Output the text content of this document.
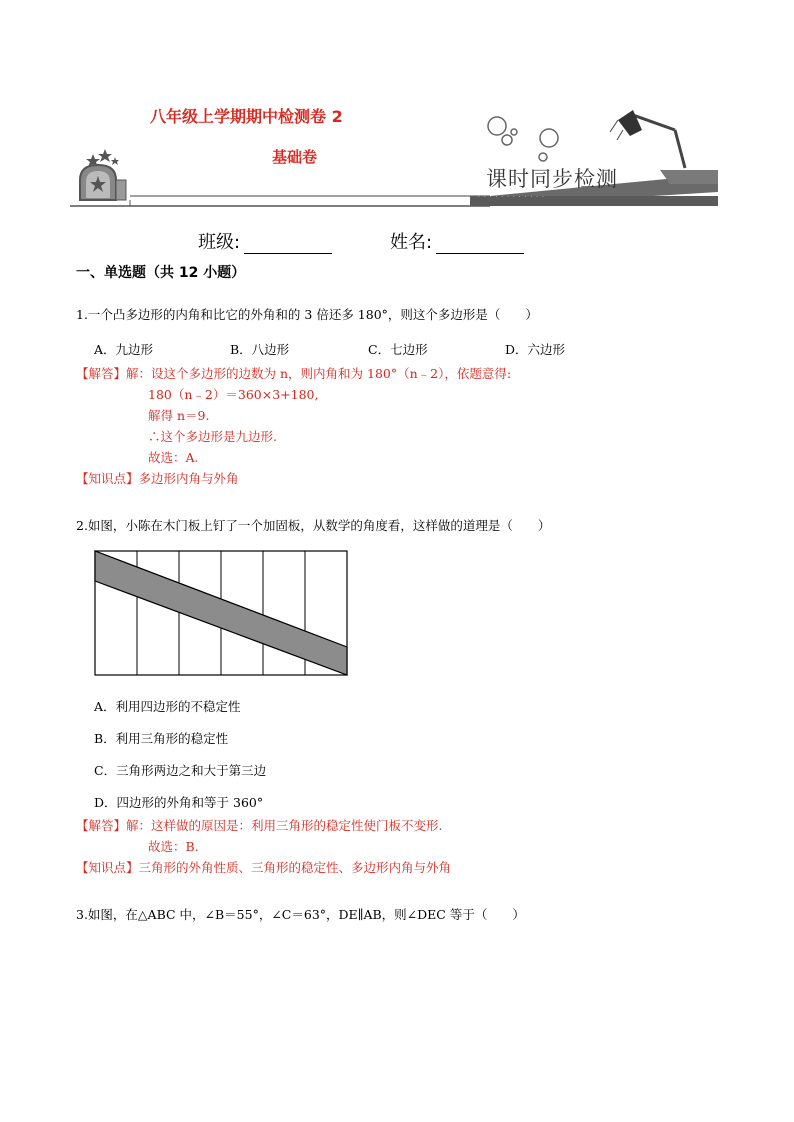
八年级上学期期中检测卷 2
基础卷
课时同步检测
· · · · · · · · · · · ·
班级:	姓名:
一、单选题（共 12 小题）
1.一个凸多边形的内角和比它的外角和的 3 倍还多 180°，则这个多边形是（　　）
A．九边形	B．八边形	C．七边形	D．六边形
【解答】解：设这个多边形的边数为 n，则内角和为 180°（n﹣2），依题意得:
180（n﹣2）＝360×3+180,
解得 n＝9.
∴这个多边形是九边形.
故选：A.
【知识点】多边形内角与外角
2.如图，小陈在木门板上钉了一个加固板，从数学的角度看，这样做的道理是（　　）
A．利用四边形的不稳定性
B．利用三角形的稳定性
C．三角形两边之和大于第三边
D．四边形的外角和等于 360°
【解答】解：这样做的原因是：利用三角形的稳定性使门板不变形.
故选：B.
【知识点】三角形的外角性质、三角形的稳定性、多边形内角与外角
3.如图，在△ABC 中，∠B＝55°，∠C＝63°，DE∥AB，则∠DEC 等于（　　）
